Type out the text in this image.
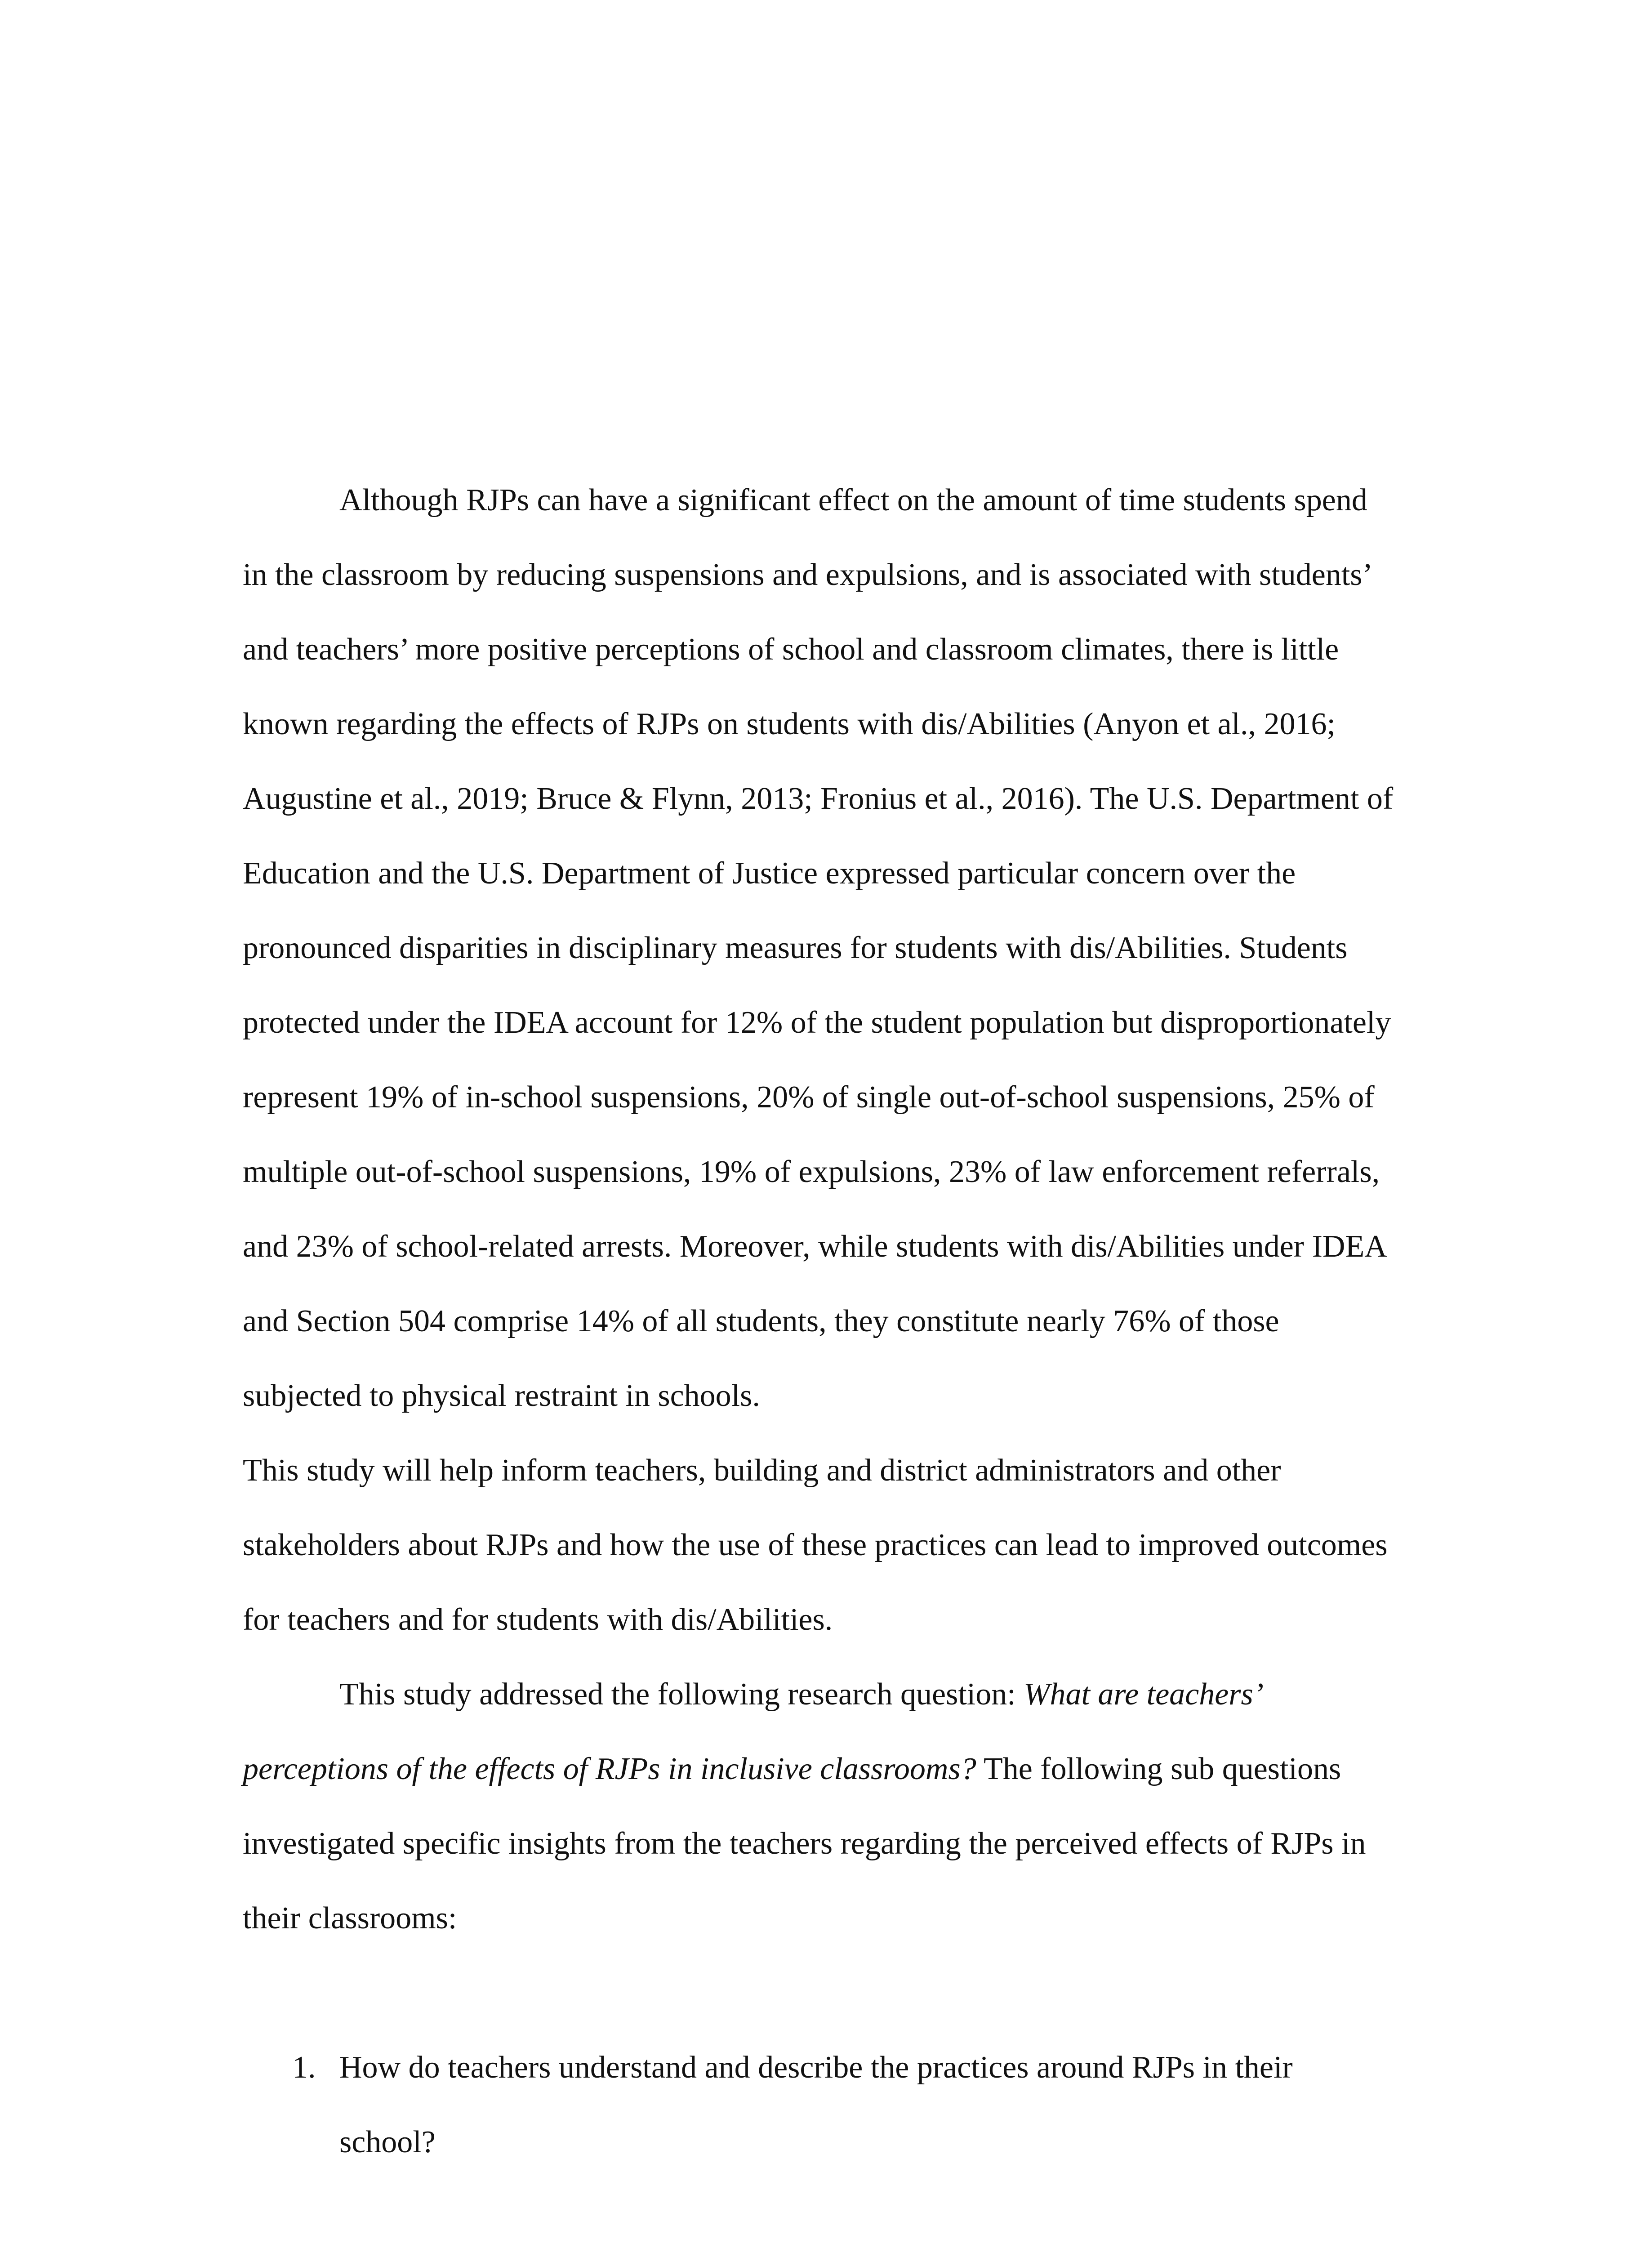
Although RJPs can have a significant effect on the amount of time students spend in the classroom by reducing suspensions and expulsions, and is associated with students’ and teachers’ more positive perceptions of school and classroom climates, there is little known regarding the effects of RJPs on students with dis/Abilities (Anyon et al., 2016; Augustine et al., 2019; Bruce & Flynn, 2013; Fronius et al., 2016). The U.S. Department of Education and the U.S. Department of Justice expressed particular concern over the pronounced disparities in disciplinary measures for students with dis/Abilities. Students protected under the IDEA account for 12% of the student population but disproportionately represent 19% of in-school suspensions, 20% of single out-of-school suspensions, 25% of multiple out-of-school suspensions, 19% of expulsions, 23% of law enforcement referrals, and 23% of school-related arrests. Moreover, while students with dis/Abilities under IDEA and Section 504 comprise 14% of all students, they constitute nearly 76% of those subjected to physical restraint in schools.

This study will help inform teachers, building and district administrators and other stakeholders about RJPs and how the use of these practices can lead to improved outcomes for teachers and for students with dis/Abilities.

This study addressed the following research question: What are teachers’ perceptions of the effects of RJPs in inclusive classrooms? The following sub questions investigated specific insights from the teachers regarding the perceived effects of RJPs in their classrooms:

1. How do teachers understand and describe the practices around RJPs in their school?
